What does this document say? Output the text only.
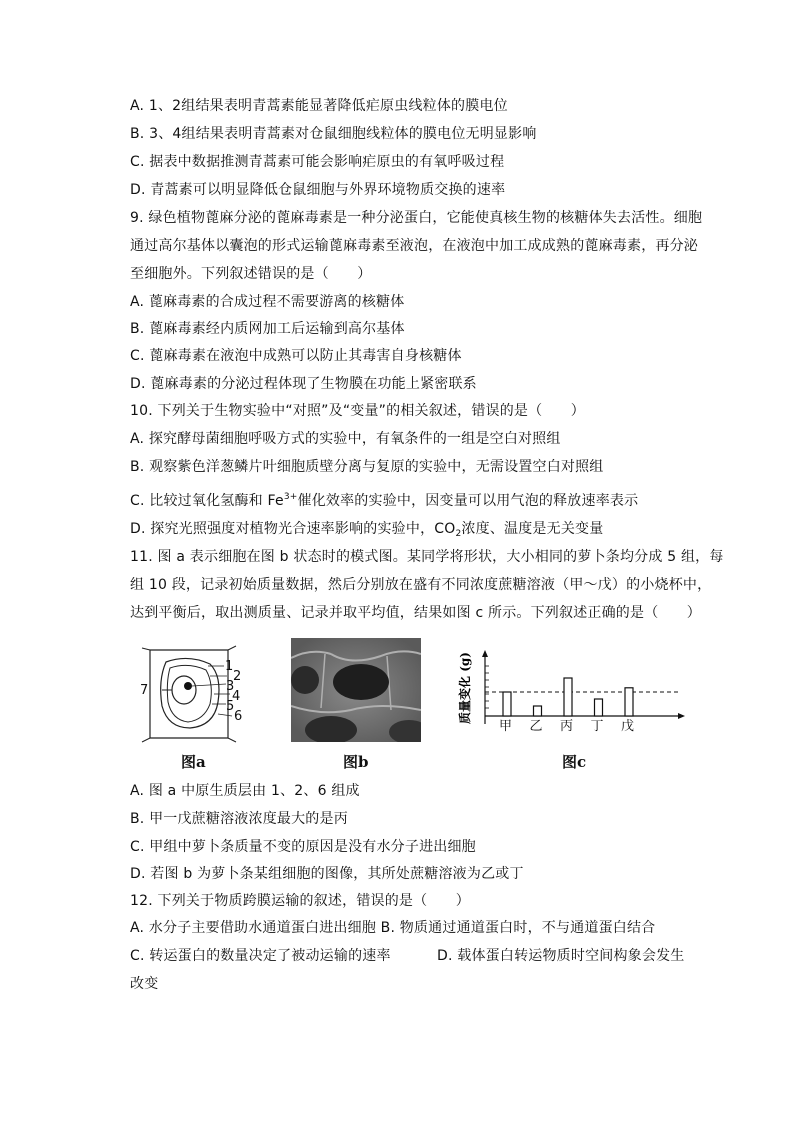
A. 1、2组结果表明青蒿素能显著降低疟原虫线粒体的膜电位
B. 3、4组结果表明青蒿素对仓鼠细胞线粒体的膜电位无明显影响
C. 据表中数据推测青蒿素可能会影响疟原虫的有氧呼吸过程
D. 青蒿素可以明显降低仓鼠细胞与外界环境物质交换的速率
9. 绿色植物蓖麻分泌的蓖麻毒素是一种分泌蛋白，它能使真核生物的核糖体失去活性。细胞
通过高尔基体以囊泡的形式运输蓖麻毒素至液泡，在液泡中加工成成熟的蓖麻毒素，再分泌
至细胞外。下列叙述错误的是（　　）
A. 蓖麻毒素的合成过程不需要游离的核糖体
B. 蓖麻毒素经内质网加工后运输到高尔基体
C. 蓖麻毒素在液泡中成熟可以防止其毒害自身核糖体
D. 蓖麻毒素的分泌过程体现了生物膜在功能上紧密联系
10. 下列关于生物实验中“对照”及“变量”的相关叙述，错误的是（　　）
A. 探究酵母菌细胞呼吸方式的实验中，有氧条件的一组是空白对照组
B. 观察紫色洋葱鳞片叶细胞质壁分离与复原的实验中，无需设置空白对照组
C. 比较过氧化氢酶和 $Fe^{3+}$催化效率的实验中，因变量可以用气泡的释放速率表示
D. 探究光照强度对植物光合速率影响的实验中，$CO_2$浓度、温度是无关变量
11. 图 a 表示细胞在图 b 状态时的模式图。某同学将形状，大小相同的萝卜条均分成 5 组，每
组 10 段，记录初始质量数据，然后分别放在盛有不同浓度蔗糖溶液（甲～戊）的小烧杯中，
达到平衡后，取出测质量、记录并取平均值，结果如图 c 所示。下列叙述正确的是（　　）
1
2
3
4
5
6
7
图a	图b
质量变化 (g)
甲 乙 丙 丁 戊
图c
A. 图 a 中原生质层由 1、2、6 组成
B. 甲一戊蔗糖溶液浓度最大的是丙
C. 甲组中萝卜条质量不变的原因是没有水分子进出细胞
D. 若图 b 为萝卜条某组细胞的图像，其所处蔗糖溶液为乙或丁
12. 下列关于物质跨膜运输的叙述，错误的是（　　）
A. 水分子主要借助水通道蛋白进出细胞 B. 物质通过通道蛋白时，不与通道蛋白结合
C. 转运蛋白的数量决定了被动运输的速率	D. 载体蛋白转运物质时空间构象会发生
改变
